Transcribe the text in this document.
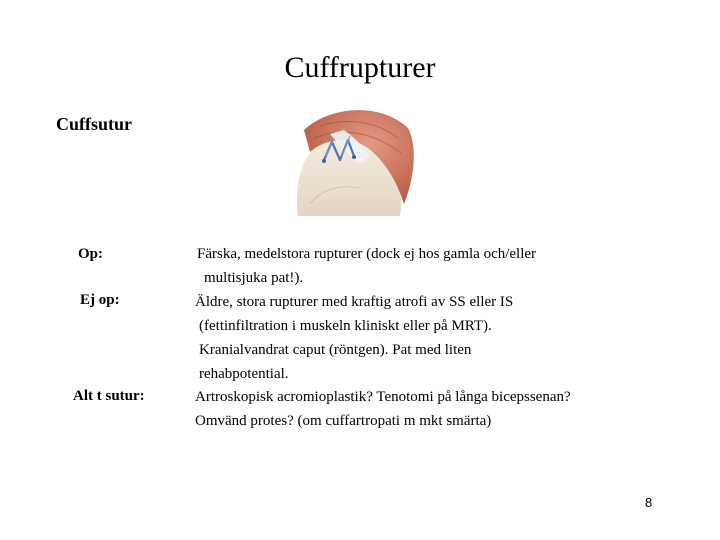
Cuffrupturer
Cuffsutur
Op:	Färska, medelstora rupturer (dock ej hos gamla och/eller
multisjuka pat!).
Ej op:	Äldre, stora rupturer med kraftig atrofi av SS eller IS
(fettinfiltration i muskeln kliniskt eller på MRT).
Kranialvandrat caput (röntgen). Pat med liten
rehabpotential.
Alt t sutur:	Artroskopisk acromioplastik? Tenotomi på långa bicepssenan?
Omvänd protes? (om cuffartropati m mkt smärta)
8
